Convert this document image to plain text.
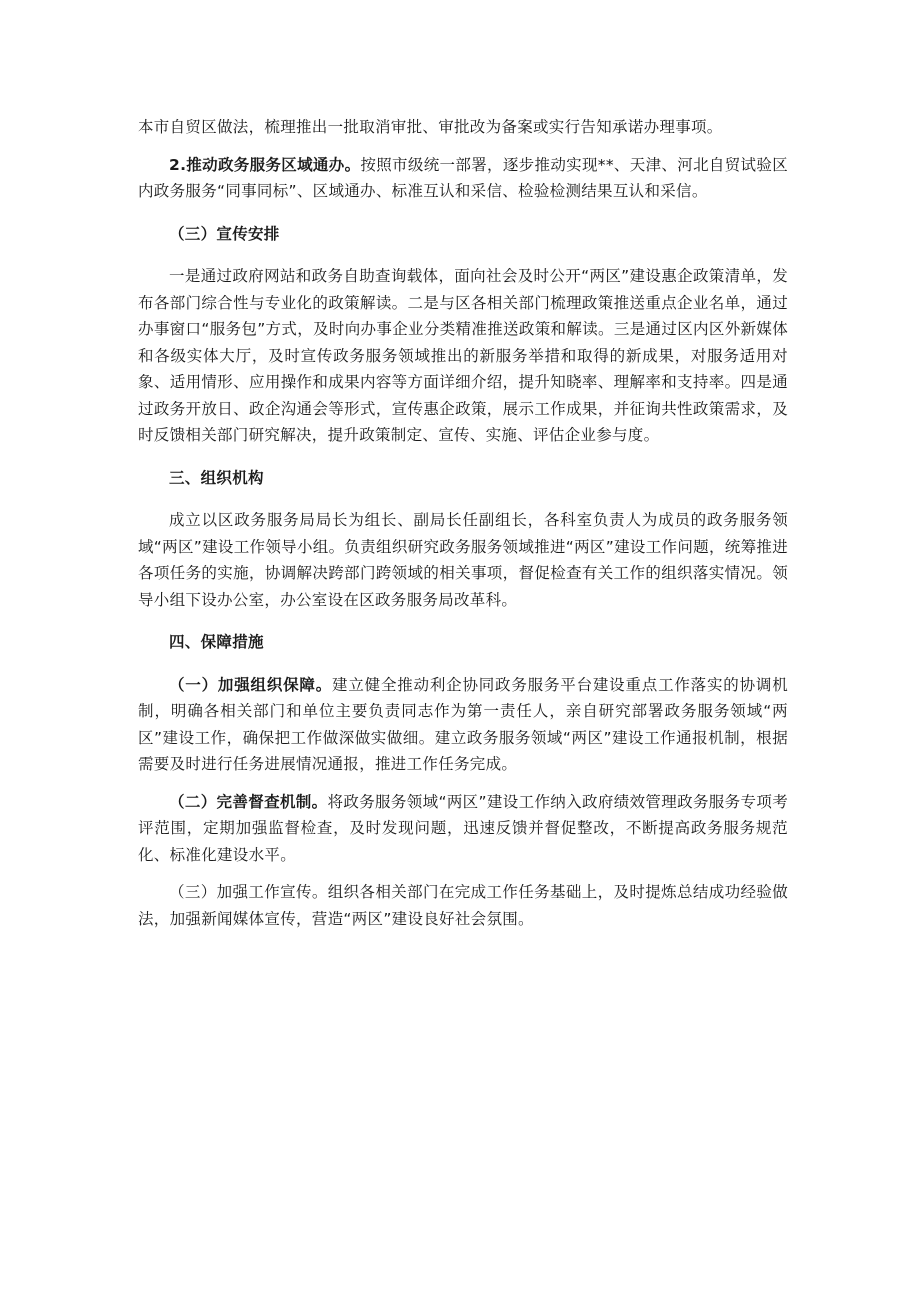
本市自贸区做法，梳理推出一批取消审批、审批改为备案或实行告知承诺办理事项。

2.推动政务服务区域通办。按照市级统一部署，逐步推动实现**、天津、河北自贸试验区内政务服务“同事同标”、区域通办、标准互认和采信、检验检测结果互认和采信。

（三）宣传安排

一是通过政府网站和政务自助查询载体，面向社会及时公开“两区”建设惠企政策清单，发布各部门综合性与专业化的政策解读。二是与区各相关部门梳理政策推送重点企业名单，通过办事窗口“服务包”方式，及时向办事企业分类精准推送政策和解读。三是通过区内区外新媒体和各级实体大厅，及时宣传政务服务领域推出的新服务举措和取得的新成果，对服务适用对象、适用情形、应用操作和成果内容等方面详细介绍，提升知晓率、理解率和支持率。四是通过政务开放日、政企沟通会等形式，宣传惠企政策，展示工作成果，并征询共性政策需求，及时反馈相关部门研究解决，提升政策制定、宣传、实施、评估企业参与度。

三、组织机构

成立以区政务服务局局长为组长、副局长任副组长，各科室负责人为成员的政务服务领域“两区”建设工作领导小组。负责组织研究政务服务领域推进“两区”建设工作问题，统筹推进各项任务的实施，协调解决跨部门跨领域的相关事项，督促检查有关工作的组织落实情况。领导小组下设办公室，办公室设在区政务服务局改革科。

四、保障措施

（一）加强组织保障。建立健全推动利企协同政务服务平台建设重点工作落实的协调机制，明确各相关部门和单位主要负责同志作为第一责任人，亲自研究部署政务服务领域“两区”建设工作，确保把工作做深做实做细。建立政务服务领域“两区”建设工作通报机制，根据需要及时进行任务进展情况通报，推进工作任务完成。

（二）完善督查机制。将政务服务领域“两区”建设工作纳入政府绩效管理政务服务专项考评范围，定期加强监督检查，及时发现问题，迅速反馈并督促整改，不断提高政务服务规范化、标准化建设水平。

（三）加强工作宣传。组织各相关部门在完成工作任务基础上，及时提炼总结成功经验做法，加强新闻媒体宣传，营造“两区”建设良好社会氛围。
